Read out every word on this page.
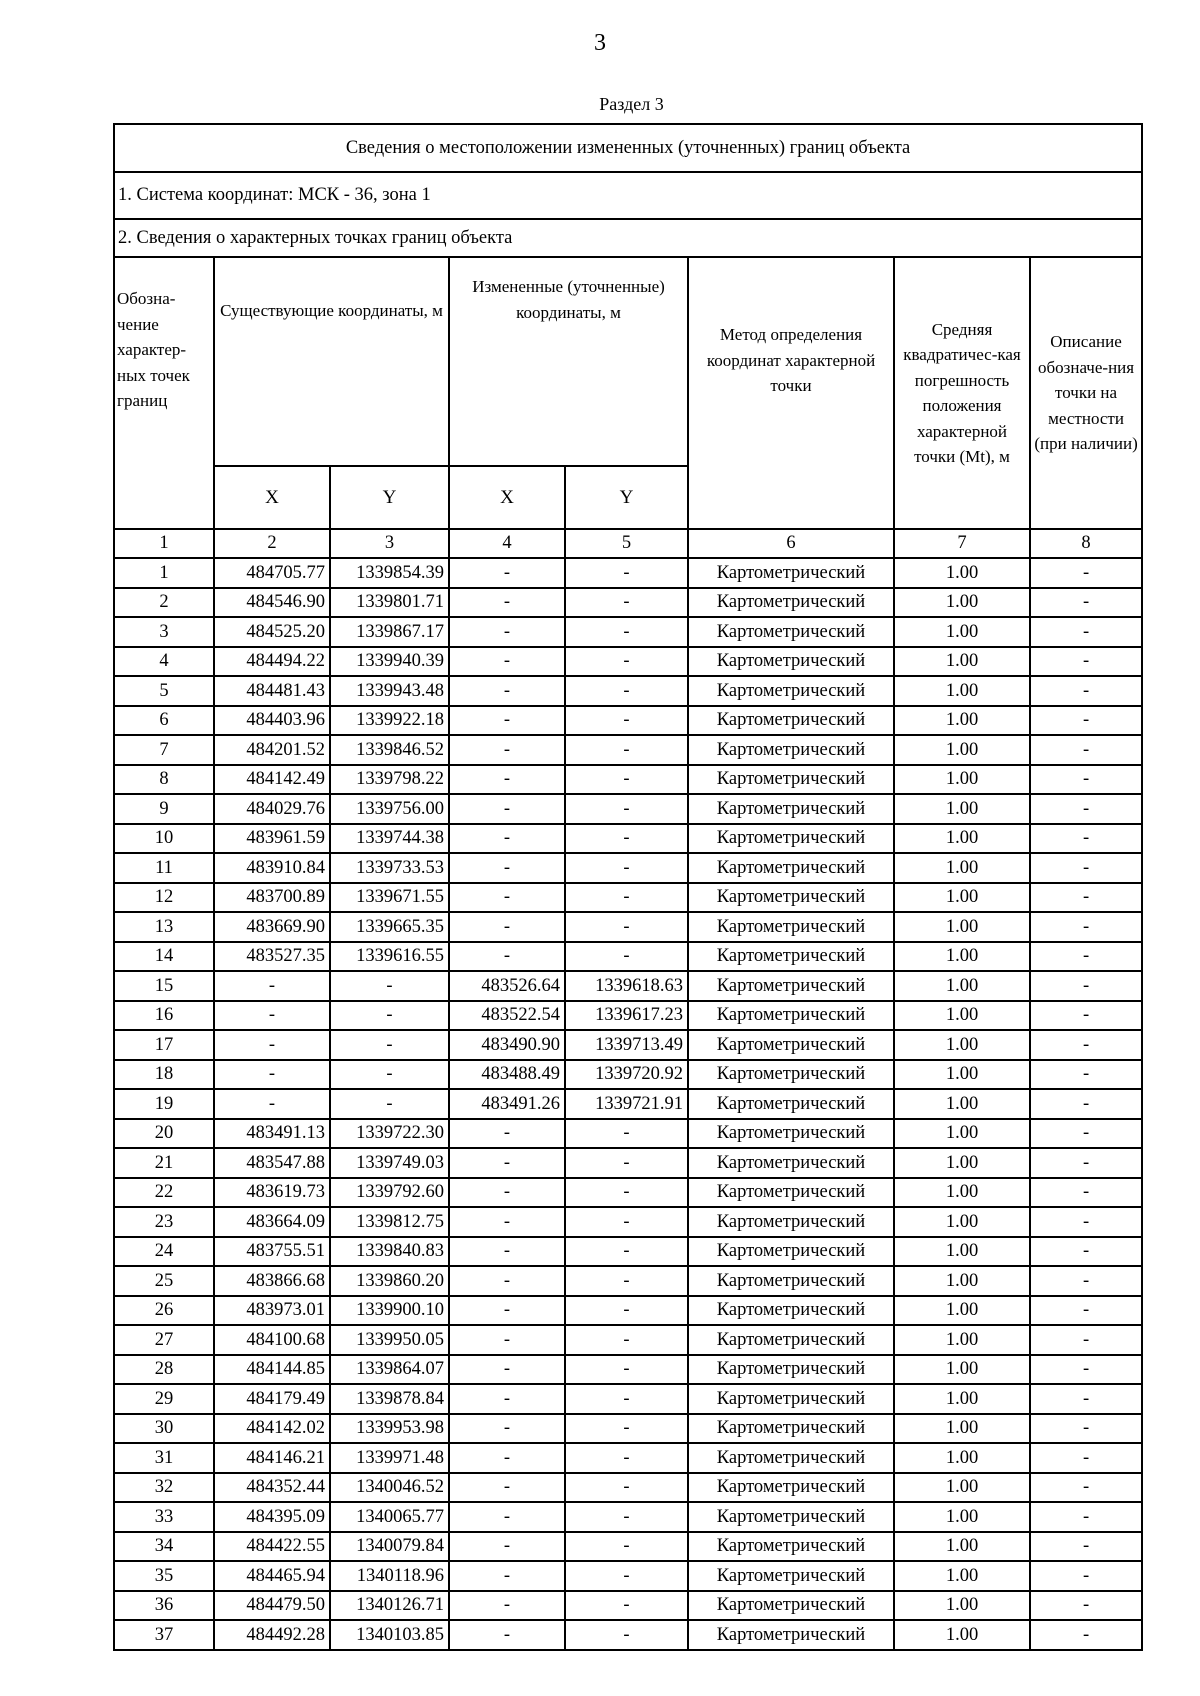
3
Раздел 3
Сведения о местоположении измененных (уточненных) границ объекта							
1. Система координат: МСК - 36, зона 1							
2. Сведения о характерных точках границ объекта							
Обозна-чение характер-ных точек границ	Существующие координаты, м		Измененные (уточненные) координаты, м		Метод определения координат характерной точки	Средняя квадратичес-кая погрешность положения характерной точки (Mt), м	Описание обозначе-ния точки на местности (при наличии)
	X	Y	X	Y			
1	2	3	4	5	6	7	8
1	484705.77	1339854.39	-	-	Картометрический	1.00	-
2	484546.90	1339801.71	-	-	Картометрический	1.00	-
3	484525.20	1339867.17	-	-	Картометрический	1.00	-
4	484494.22	1339940.39	-	-	Картометрический	1.00	-
5	484481.43	1339943.48	-	-	Картометрический	1.00	-
6	484403.96	1339922.18	-	-	Картометрический	1.00	-
7	484201.52	1339846.52	-	-	Картометрический	1.00	-
8	484142.49	1339798.22	-	-	Картометрический	1.00	-
9	484029.76	1339756.00	-	-	Картометрический	1.00	-
10	483961.59	1339744.38	-	-	Картометрический	1.00	-
11	483910.84	1339733.53	-	-	Картометрический	1.00	-
12	483700.89	1339671.55	-	-	Картометрический	1.00	-
13	483669.90	1339665.35	-	-	Картометрический	1.00	-
14	483527.35	1339616.55	-	-	Картометрический	1.00	-
15	-	-	483526.64	1339618.63	Картометрический	1.00	-
16	-	-	483522.54	1339617.23	Картометрический	1.00	-
17	-	-	483490.90	1339713.49	Картометрический	1.00	-
18	-	-	483488.49	1339720.92	Картометрический	1.00	-
19	-	-	483491.26	1339721.91	Картометрический	1.00	-
20	483491.13	1339722.30	-	-	Картометрический	1.00	-
21	483547.88	1339749.03	-	-	Картометрический	1.00	-
22	483619.73	1339792.60	-	-	Картометрический	1.00	-
23	483664.09	1339812.75	-	-	Картометрический	1.00	-
24	483755.51	1339840.83	-	-	Картометрический	1.00	-
25	483866.68	1339860.20	-	-	Картометрический	1.00	-
26	483973.01	1339900.10	-	-	Картометрический	1.00	-
27	484100.68	1339950.05	-	-	Картометрический	1.00	-
28	484144.85	1339864.07	-	-	Картометрический	1.00	-
29	484179.49	1339878.84	-	-	Картометрический	1.00	-
30	484142.02	1339953.98	-	-	Картометрический	1.00	-
31	484146.21	1339971.48	-	-	Картометрический	1.00	-
32	484352.44	1340046.52	-	-	Картометрический	1.00	-
33	484395.09	1340065.77	-	-	Картометрический	1.00	-
34	484422.55	1340079.84	-	-	Картометрический	1.00	-
35	484465.94	1340118.96	-	-	Картометрический	1.00	-
36	484479.50	1340126.71	-	-	Картометрический	1.00	-
37	484492.28	1340103.85	-	-	Картометрический	1.00	-
